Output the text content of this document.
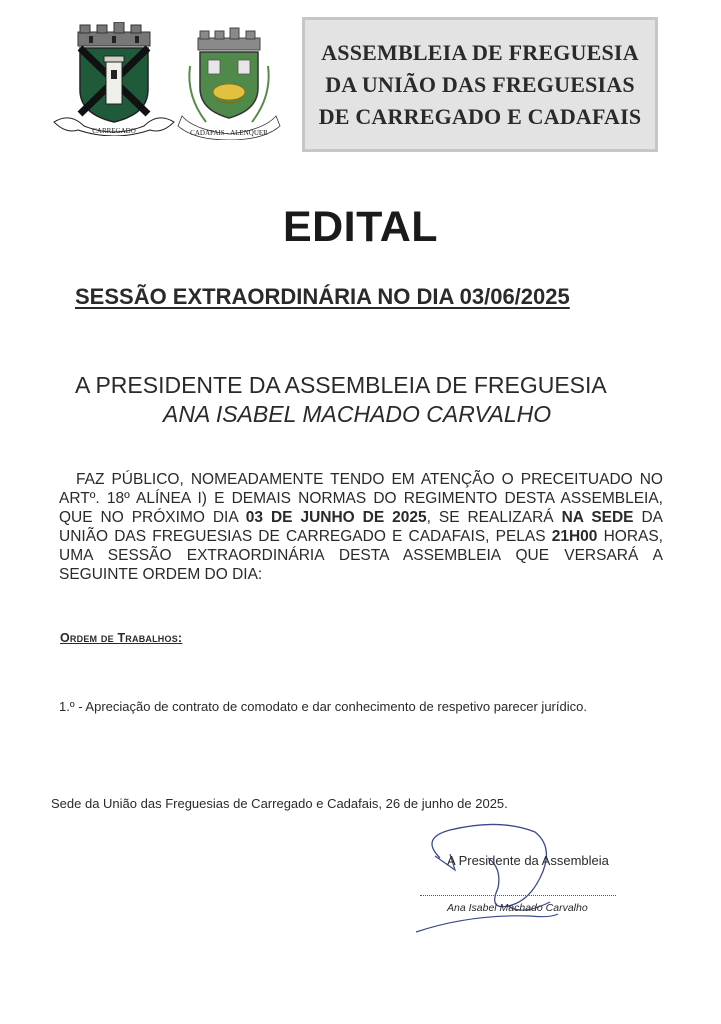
CARREGADO	CADAFAIS - ALENQUER
ASSEMBLEIA DE FREGUESIA
DA UNIÃO DAS FREGUESIAS
DE CARREGADO E CADAFAIS
EDITAL
SESSÃO EXTRAORDINÁRIA NO DIA 03/06/2025
A PRESIDENTE DA ASSEMBLEIA DE FREGUESIA
ANA ISABEL MACHADO CARVALHO
FAZ PÚBLICO, NOMEADAMENTE TENDO EM ATENÇÃO O PRECEITUADO NO ARTº. 18º ALÍNEA I) E DEMAIS NORMAS DO REGIMENTO DESTA ASSEMBLEIA, QUE NO PRÓXIMO DIA 03 DE JUNHO DE 2025, SE REALIZARÁ NA SEDE DA UNIÃO DAS FREGUESIAS DE CARREGADO E CADAFAIS, PELAS 21H00 HORAS, UMA SESSÃO EXTRAORDINÁRIA DESTA ASSEMBLEIA QUE VERSARÁ A SEGUINTE ORDEM DO DIA:
Ordem de Trabalhos:
1.º - Apreciação de contrato de comodato e dar conhecimento de respetivo parecer jurídico.
Sede da União das Freguesias de Carregado e Cadafais, 26 de junho de 2025.
A Presidente da Assembleia
Ana Isabel Machado Carvalho
